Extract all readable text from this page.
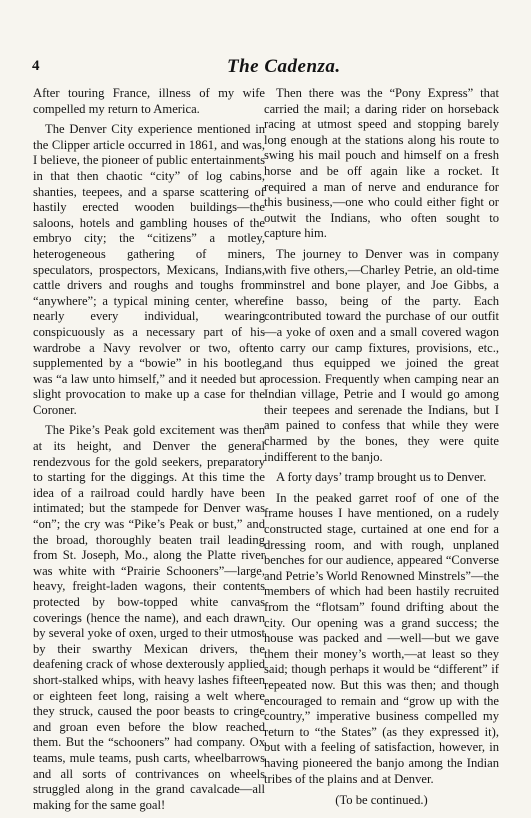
4	The Cadenza.

After touring France, illness of my wife compelled my return to America.

The Denver City experience mentioned in the Clipper article occurred in 1861, and was, I believe, the pioneer of public entertainments in that then chaotic “city” of log cabins, shanties, teepees, and a sparse scattering of hastily erected wooden buildings—the saloons, hotels and gambling houses of the embryo city; the “citizens” a motley, heterogeneous gathering of miners, speculators, prospectors, Mexicans, Indians, cattle drivers and roughs and toughs from “anywhere”; a typical mining center, where nearly every individual, wearing conspicuously as a necessary part of his wardrobe a Navy revolver or two, often supplemented by a “bowie” in his bootleg, was “a law unto himself,” and it needed but a slight provocation to make up a case for the Coroner.

The Pike’s Peak gold excitement was then at its height, and Denver the general rendezvous for the gold seekers, preparatory to starting for the diggings. At this time the idea of a railroad could hardly have been intimated; but the stampede for Denver was “on”; the cry was “Pike’s Peak or bust,” and the broad, thoroughly beaten trail leading from St. Joseph, Mo., along the Platte river was white with “Prairie Schooners”—large, heavy, freight-laden wagons, their contents protected by bow-topped white canvas coverings (hence the name), and each drawn by several yoke of oxen, urged to their utmost by their swarthy Mexican drivers, the deafening crack of whose dexterously applied short-stalked whips, with heavy lashes fifteen or eighteen feet long, raising a welt where they struck, caused the poor beasts to cringe and groan even before the blow reached them. But the “schooners” had company. Ox teams, mule teams, push carts, wheelbarrows and all sorts of contrivances on wheels struggled along in the grand cavalcade—all making for the same goal!

Then there was the “Pony Express” that carried the mail; a daring rider on horseback racing at utmost speed and stopping barely long enough at the stations along his route to swing his mail pouch and himself on a fresh horse and be off again like a rocket. It required a man of nerve and endurance for this business,—one who could either fight or outwit the Indians, who often sought to capture him.

The journey to Denver was in company with five others,—Charley Petrie, an old-time minstrel and bone player, and Joe Gibbs, a fine basso, being of the party. Each contributed toward the purchase of our outfit—a yoke of oxen and a small covered wagon to carry our camp fixtures, provisions, etc., and thus equipped we joined the great procession. Frequently when camping near an Indian village, Petrie and I would go among their teepees and serenade the Indians, but I am pained to confess that while they were charmed by the bones, they were quite indifferent to the banjo.

A forty days’ tramp brought us to Denver.

In the peaked garret roof of one of the frame houses I have mentioned, on a rudely constructed stage, curtained at one end for a dressing room, and with rough, unplaned benches for our audience, appeared “Converse and Petrie’s World Renowned Minstrels”—the members of which had been hastily recruited from the “flotsam” found drifting about the city. Our opening was a grand success; the house was packed and —well—but we gave them their money’s worth,—at least so they said; though perhaps it would be “different” if repeated now. But this was then; and though encouraged to remain and “grow up with the country,” imperative business compelled my return to “the States” (as they expressed it), but with a feeling of satisfaction, however, in having pioneered the banjo among the Indian tribes of the plains and at Denver.

(To be continued.)
